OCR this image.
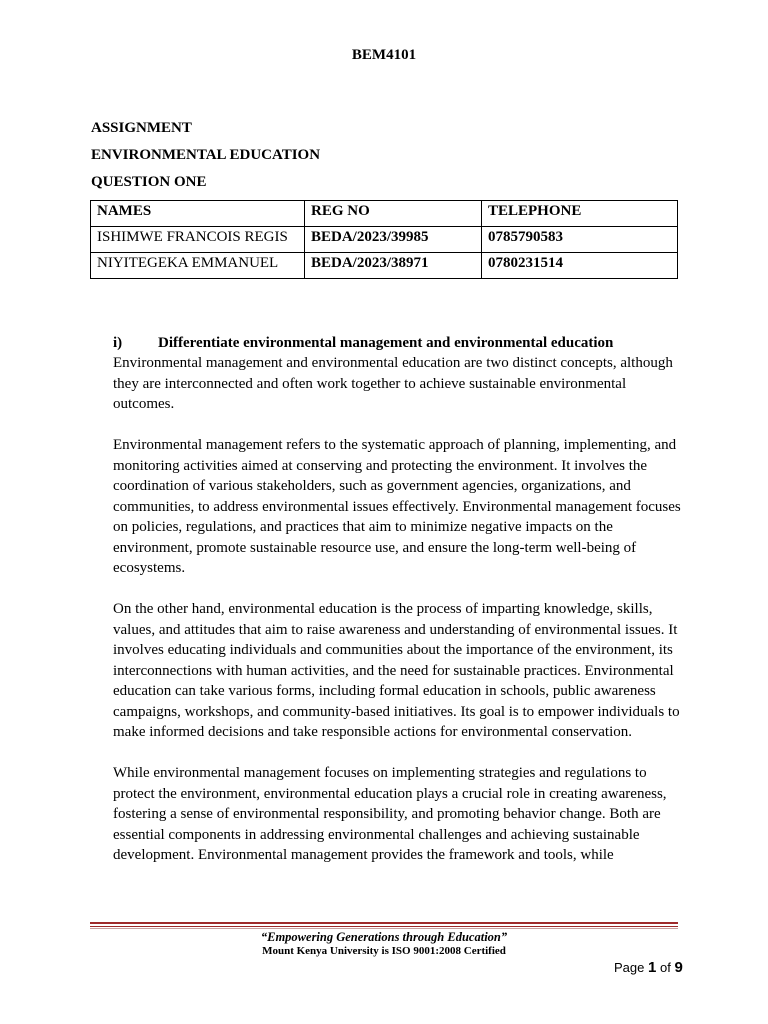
BEM4101
ASSIGNMENT
ENVIRONMENTAL EDUCATION
QUESTION ONE
NAMES	REG NO	TELEPHONE
ISHIMWE FRANCOIS REGIS	BEDA/2023/39985	0785790583
NIYITEGEKA EMMANUEL	BEDA/2023/38971	0780231514
i) Differentiate environmental management and environmental education

Environmental management and environmental education are two distinct concepts, although they are interconnected and often work together to achieve sustainable environmental outcomes.

Environmental management refers to the systematic approach of planning, implementing, and monitoring activities aimed at conserving and protecting the environment. It involves the coordination of various stakeholders, such as government agencies, organizations, and communities, to address environmental issues effectively. Environmental management focuses on policies, regulations, and practices that aim to minimize negative impacts on the environment, promote sustainable resource use, and ensure the long-term well-being of ecosystems.

On the other hand, environmental education is the process of imparting knowledge, skills, values, and attitudes that aim to raise awareness and understanding of environmental issues. It involves educating individuals and communities about the importance of the environment, its interconnections with human activities, and the need for sustainable practices. Environmental education can take various forms, including formal education in schools, public awareness campaigns, workshops, and community-based initiatives. Its goal is to empower individuals to make informed decisions and take responsible actions for environmental conservation.

While environmental management focuses on implementing strategies and regulations to protect the environment, environmental education plays a crucial role in creating awareness, fostering a sense of environmental responsibility, and promoting behavior change. Both are essential components in addressing environmental challenges and achieving sustainable development. Environmental management provides the framework and tools, while

“Empowering Generations through Education”
Mount Kenya University is ISO 9001:2008 Certified
Page 1 of 9
